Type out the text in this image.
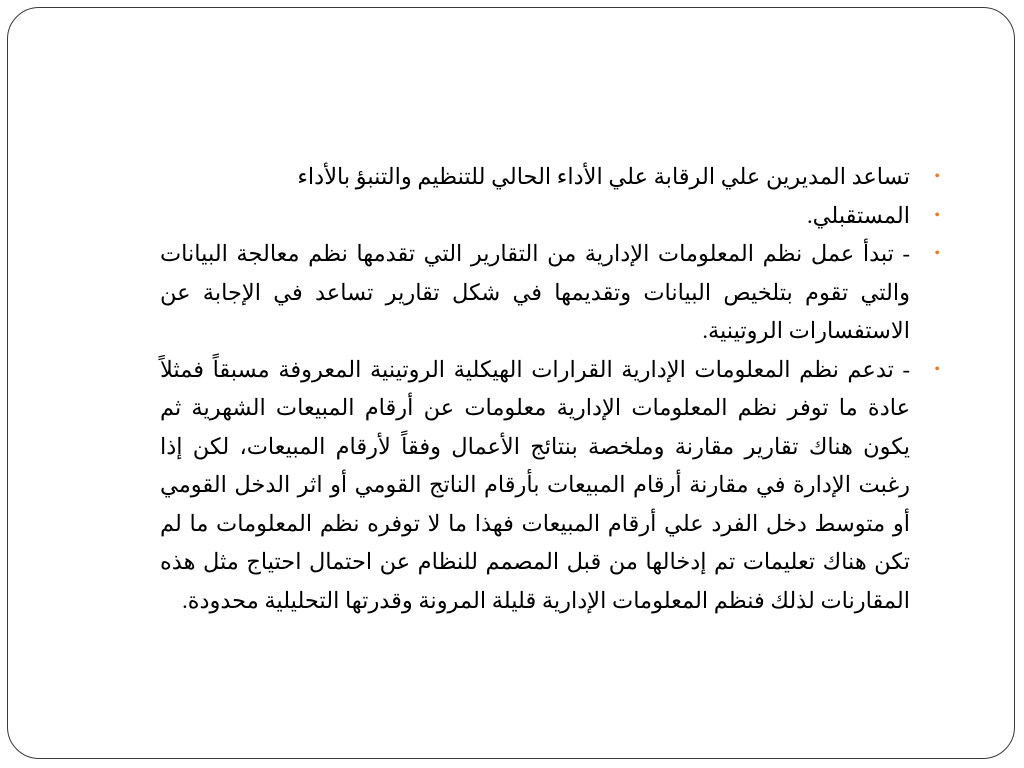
•
تساعد المديرين علي الرقابة علي الأداء الحالي للتنظيم والتنبؤ بالأداء
•
المستقبلي.
•
- تبدأ عمل نظم المعلومات الإدارية من التقارير التي تقدمها نظم معالجة البيانات والتي تقوم بتلخيص البيانات وتقديمها في شكل تقارير تساعد في الإجابة عن الاستفسارات الروتينية.
•
- تدعم نظم المعلومات الإدارية القرارات الهيكلية الروتينية المعروفة مسبقاً فمثلاً عادة ما توفر نظم المعلومات الإدارية معلومات عن أرقام المبيعات الشهرية ثم يكون هناك تقارير مقارنة وملخصة بنتائج الأعمال وفقاً لأرقام المبيعات، لكن إذا رغبت الإدارة في مقارنة أرقام المبيعات بأرقام الناتج القومي أو اثر الدخل القومي أو متوسط دخل الفرد علي أرقام المبيعات فهذا ما لا توفره نظم المعلومات ما لم تكن هناك تعليمات تم إدخالها من قبل المصمم للنظام عن احتمال احتياج مثل هذه المقارنات لذلك فنظم المعلومات الإدارية قليلة المرونة وقدرتها التحليلية محدودة.
